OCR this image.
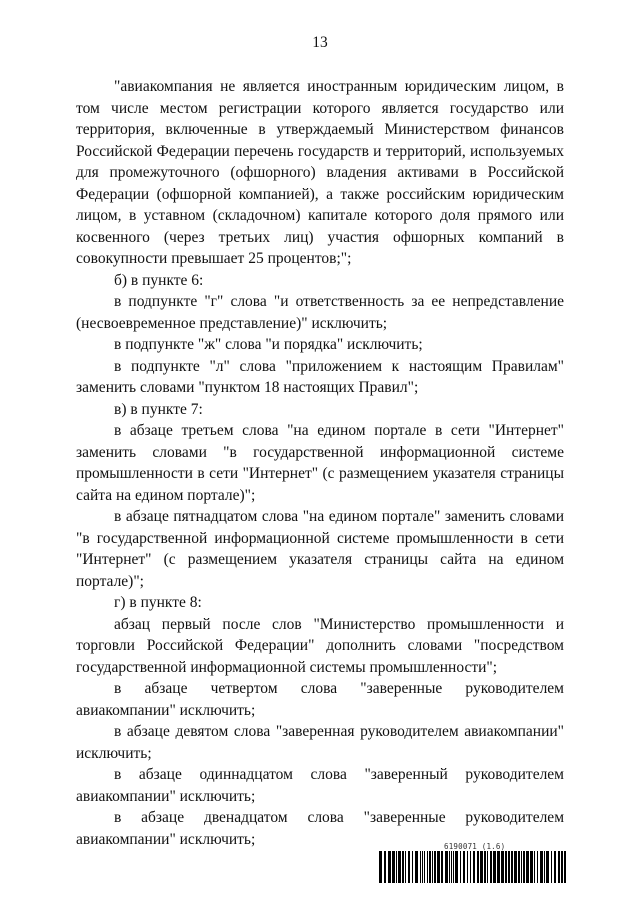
13

"авиакомпания не является иностранным юридическим лицом, в том числе местом регистрации которого является государство или территория, включенные в утверждаемый Министерством финансов Российской Федерации перечень государств и территорий, используемых для промежуточного (офшорного) владения активами в Российской Федерации (офшорной компанией), а также российским юридическим лицом, в уставном (складочном) капитале которого доля прямого или косвенного (через третьих лиц) участия офшорных компаний в совокупности превышает 25 процентов;";

б) в пункте 6:

в подпункте "г" слова "и ответственность за ее непредставление (несвоевременное представление)" исключить;

в подпункте "ж" слова "и порядка" исключить;

в подпункте "л" слова "приложением к настоящим Правилам" заменить словами "пунктом 18 настоящих Правил";

в) в пункте 7:

в абзаце третьем слова "на едином портале в сети "Интернет" заменить словами "в государственной информационной системе промышленности в сети "Интернет" (с размещением указателя страницы сайта на едином портале)";

в абзаце пятнадцатом слова "на едином портале" заменить словами "в государственной информационной системе промышленности в сети "Интернет" (с размещением указателя страницы сайта на едином портале)";

г) в пункте 8:

абзац первый после слов "Министерство промышленности и торговли Российской Федерации" дополнить словами "посредством государственной информационной системы промышленности";

в абзаце четвертом слова "заверенные руководителем авиакомпании" исключить;

в абзаце девятом слова "заверенная руководителем авиакомпании" исключить;

в абзаце одиннадцатом слова "заверенный руководителем авиакомпании" исключить;

в абзаце двенадцатом слова "заверенные руководителем авиакомпании" исключить;	6190071 (1.6)
